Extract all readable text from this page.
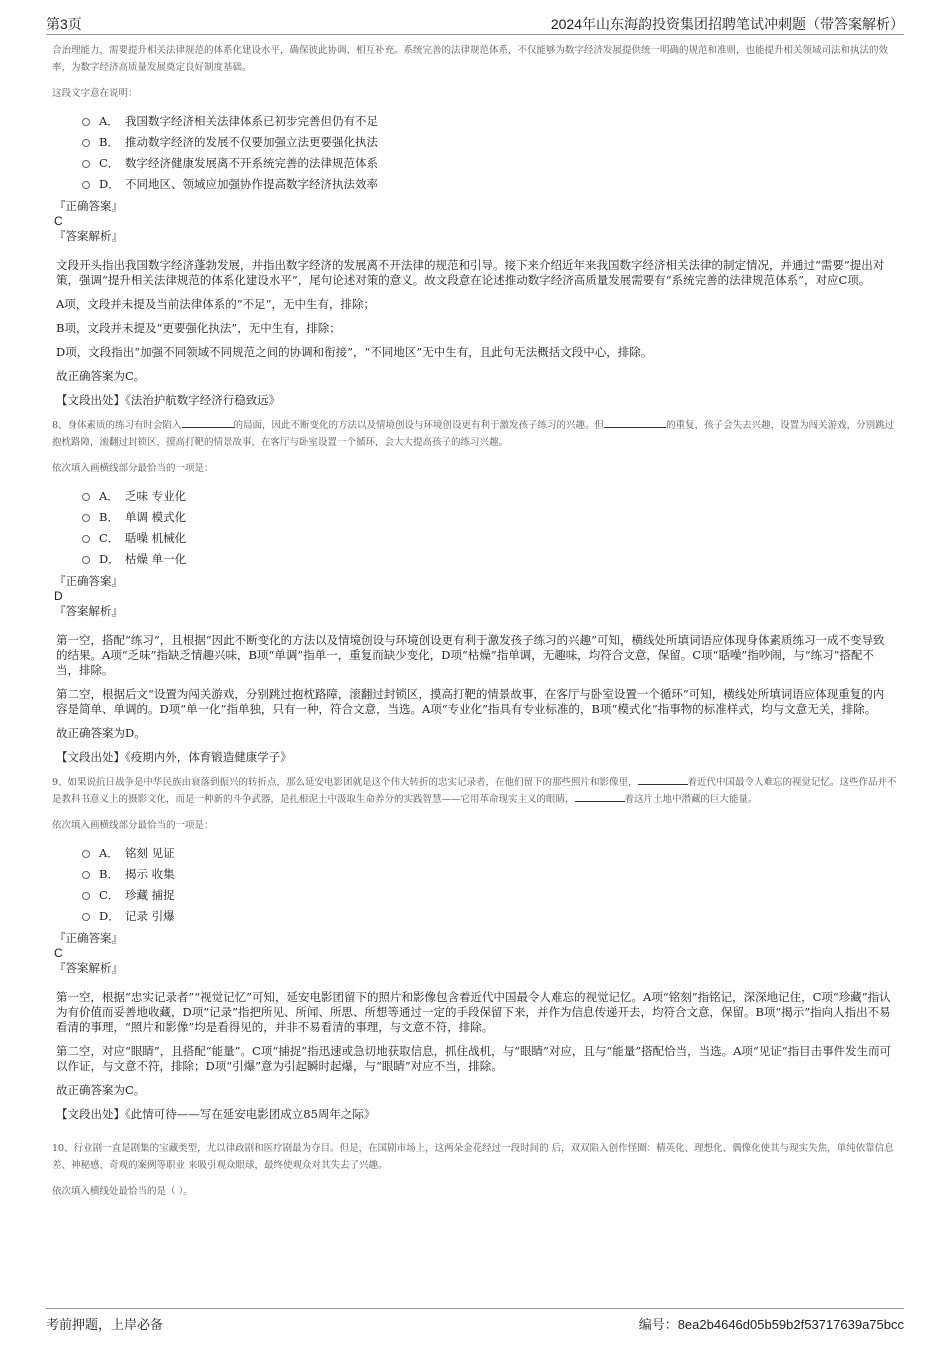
第3页	2024年山东海韵投资集团招聘笔试冲刺题（带答案解析）

合治理能力，需要提升相关法律规范的体系化建设水平，确保彼此协调、相互补充。系统完善的法律规范体系，不仅能够为数字经济发展提供统一明确的规范和准则，也能提升相关领域司法和执法的效率，为数字经济高质量发展奠定良好制度基础。

这段文字意在说明：

A． 我国数字经济相关法律体系已初步完善但仍有不足
B． 推动数字经济的发展不仅要加强立法更要强化执法
C． 数字经济健康发展离不开系统完善的法律规范体系
D． 不同地区、领域应加强协作提高数字经济执法效率
『正确答案』
C
『答案解析』

文段开头指出我国数字经济蓬勃发展，并指出数字经济的发展离不开法律的规范和引导。接下来介绍近年来我国数字经济相关法律的制定情况，并通过“需要”提出对策，强调“提升相关法律规范的体系化建设水平”，尾句论述对策的意义。故文段意在论述推动数字经济高质量发展需要有“系统完善的法律规范体系”，对应C项。

A项，文段并未提及当前法律体系的“不足”，无中生有，排除；

B项，文段并未提及“更要强化执法”，无中生有，排除；

D项，文段指出“加强不同领域不同规范之间的协调和衔接”，“不同地区”无中生有，且此句无法概括文段中心，排除。

故正确答案为C。

【文段出处】《法治护航数字经济行稳致远》

8、身体素质的练习有时会陷入	的局面，因此不断变化的方法以及情境创设与环境创设更有利于激发孩子练习的兴趣。但	的重复，孩子会失去兴趣，设置为闯关游戏，分别跳过抱枕路障，滚翻过封锁区，摸高打靶的情景故事，在客厅与卧室设置一个循环，会大大提高孩子的练习兴趣。

依次填入画横线部分最恰当的一项是：

A． 乏味 专业化
B． 单调 模式化
C． 聒噪 机械化
D． 枯燥 单一化
『正确答案』
D
『答案解析』

第一空，搭配“练习”，且根据“因此不断变化的方法以及情境创设与环境创设更有利于激发孩子练习的兴趣”可知，横线处所填词语应体现身体素质练习一成不变导致的结果。A项“乏味”指缺乏情趣兴味，B项“单调”指单一，重复而缺少变化，D项“枯燥”指单调，无趣味，均符合文意，保留。C项“聒噪”指吵闹，与“练习”搭配不当，排除。

第二空，根据后文“设置为闯关游戏，分别跳过抱枕路障，滚翻过封锁区，摸高打靶的情景故事，在客厅与卧室设置一个循环”可知，横线处所填词语应体现重复的内容是简单、单调的。D项“单一化”指单独，只有一种，符合文意，当选。A项“专业化”指具有专业标准的，B项“模式化”指事物的标准样式，均与文意无关，排除。

故正确答案为D。

【文段出处】《疫期内外，体育锻造健康学子》

9、如果说抗日战争是中华民族由衰落到振兴的转折点，那么延安电影团就是这个伟大转折的忠实记录者，在他们留下的那些照片和影像里，	着近代中国最令人难忘的视觉记忆。这些作品并不是教科书意义上的摄影文化，而是一种新的斗争武器，是扎根泥土中汲取生命养分的实践智慧——它用革命现实主义的眼睛，	着这片土地中潜藏的巨大能量。

依次填入画横线部分最恰当的一项是：

A． 铭刻 见证
B． 揭示 收集
C． 珍藏 捕捉
D． 记录 引爆
『正确答案』
C
『答案解析』

第一空，根据“忠实记录者”“视觉记忆”可知，延安电影团留下的照片和影像包含着近代中国最令人难忘的视觉记忆。A项“铭刻”指铭记，深深地记住，C项“珍藏”指认为有价值而妥善地收藏，D项“记录”指把所见、所闻、所思、所想等通过一定的手段保留下来，并作为信息传递开去，均符合文意，保留。B项“揭示”指向人指出不易看清的事理，“照片和影像”均是看得见的，并非不易看清的事理，与文意不符，排除。

第二空，对应“眼睛”，且搭配“能量”。C项“捕捉”指迅速或急切地获取信息，抓住战机，与“眼睛”对应，且与“能量”搭配恰当，当选。A项“见证”指目击事件发生而可以作证，与文意不符，排除；D项“引爆”意为引起瞬时起爆，与“眼睛”对应不当，排除。

故正确答案为C。

【文段出处】《此情可待——写在延安电影团成立85周年之际》

10、行业剧一直是剧集的宝藏类型，尤以律政剧和医疗剧最为夺目。但是，在国剧市场上，这两朵金花经过一段时间的 后，双双陷入创作怪圈：精英化、理想化、偶像化使其与现实失焦，单纯依靠信息差、神秘感、奇观的案例等职业 来吸引观众眼球，最终使观众对其失去了兴趣。

依次填入横线处最恰当的是（ ）。

考前押题，上岸必备	编号：8ea2b4646d05b59b2f53717639a75bcc
